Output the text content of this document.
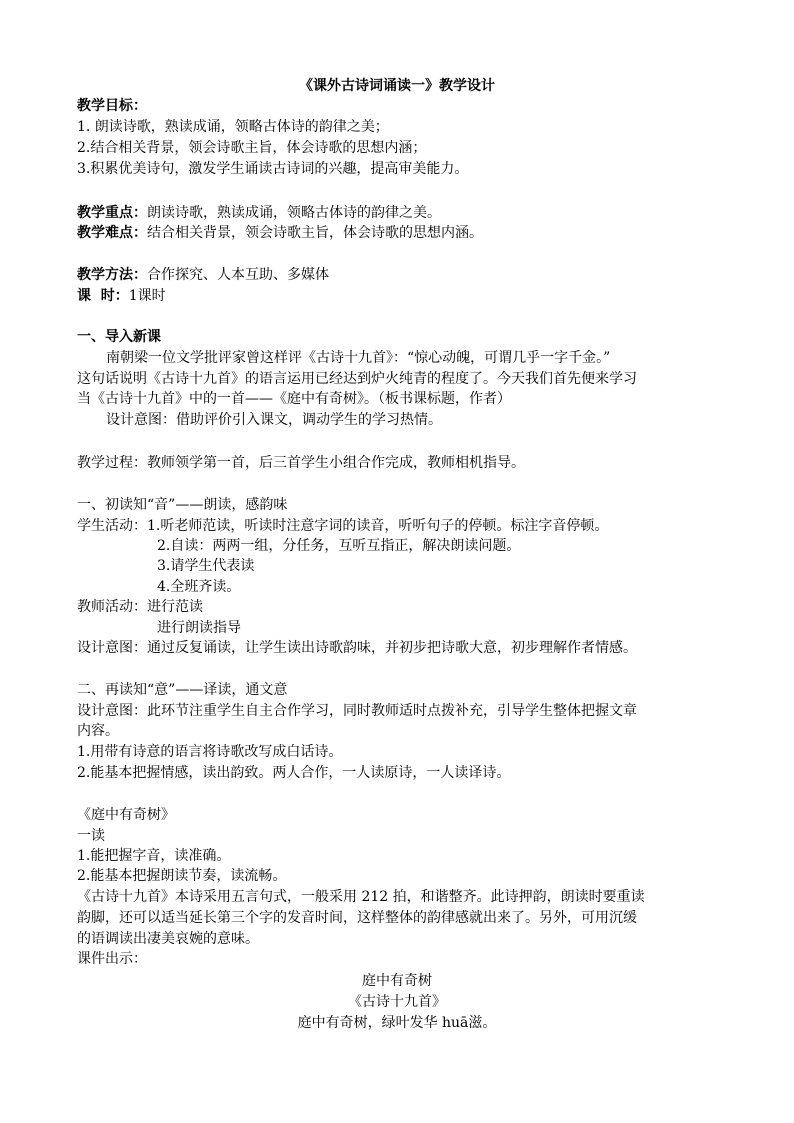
《课外古诗词诵读一》教学设计
教学目标：
1. 朗读诗歌，熟读成诵，领略古体诗的韵律之美；
2.结合相关背景，领会诗歌主旨，体会诗歌的思想内涵；
3.积累优美诗句，激发学生诵读古诗词的兴趣，提高审美能力。
教学重点：朗读诗歌，熟读成诵，领略古体诗的韵律之美。
教学难点：结合相关背景，领会诗歌主旨，体会诗歌的思想内涵。
教学方法：合作探究、人本互助、多媒体
课  时：1课时
一、导入新课
南朝梁一位文学批评家曾这样评《古诗十九首》：“惊心动魄，可谓几乎一字千金。”
这句话说明《古诗十九首》的语言运用已经达到炉火纯青的程度了。今天我们首先便来学习
当《古诗十九首》中的一首——《庭中有奇树》。（板书课标题，作者）
设计意图：借助评价引入课文，调动学生的学习热情。
教学过程：教师领学第一首，后三首学生小组合作完成，教师相机指导。
一、初读知“音”——朗读，感韵味
学生活动：1.听老师范读，听读时注意字词的读音，听听句子的停顿。标注字音停顿。
2.自读：两两一组，分任务，互听互指正，解决朗读问题。
3.请学生代表读
4.全班齐读。
教师活动：进行范读
进行朗读指导
设计意图：通过反复诵读，让学生读出诗歌韵味，并初步把诗歌大意，初步理解作者情感。
二、再读知“意”——译读，通文意
设计意图：此环节注重学生自主合作学习，同时教师适时点拨补充，引导学生整体把握文章
内容。
1.用带有诗意的语言将诗歌改写成白话诗。
2.能基本把握情感，读出韵致。两人合作，一人读原诗，一人读译诗。
《庭中有奇树》
一读
1.能把握字音，读准确。
2.能基本把握朗读节奏，读流畅。
《古诗十九首》本诗采用五言句式，一般采用 212 拍，和谐整齐。此诗押韵，朗读时要重读
韵脚，还可以适当延长第三个字的发音时间，这样整体的韵律感就出来了。另外，可用沉缓
的语调读出凄美哀婉的意味。
课件出示：
庭中有奇树
《古诗十九首》
庭中有奇树，绿叶发华 huā滋。
